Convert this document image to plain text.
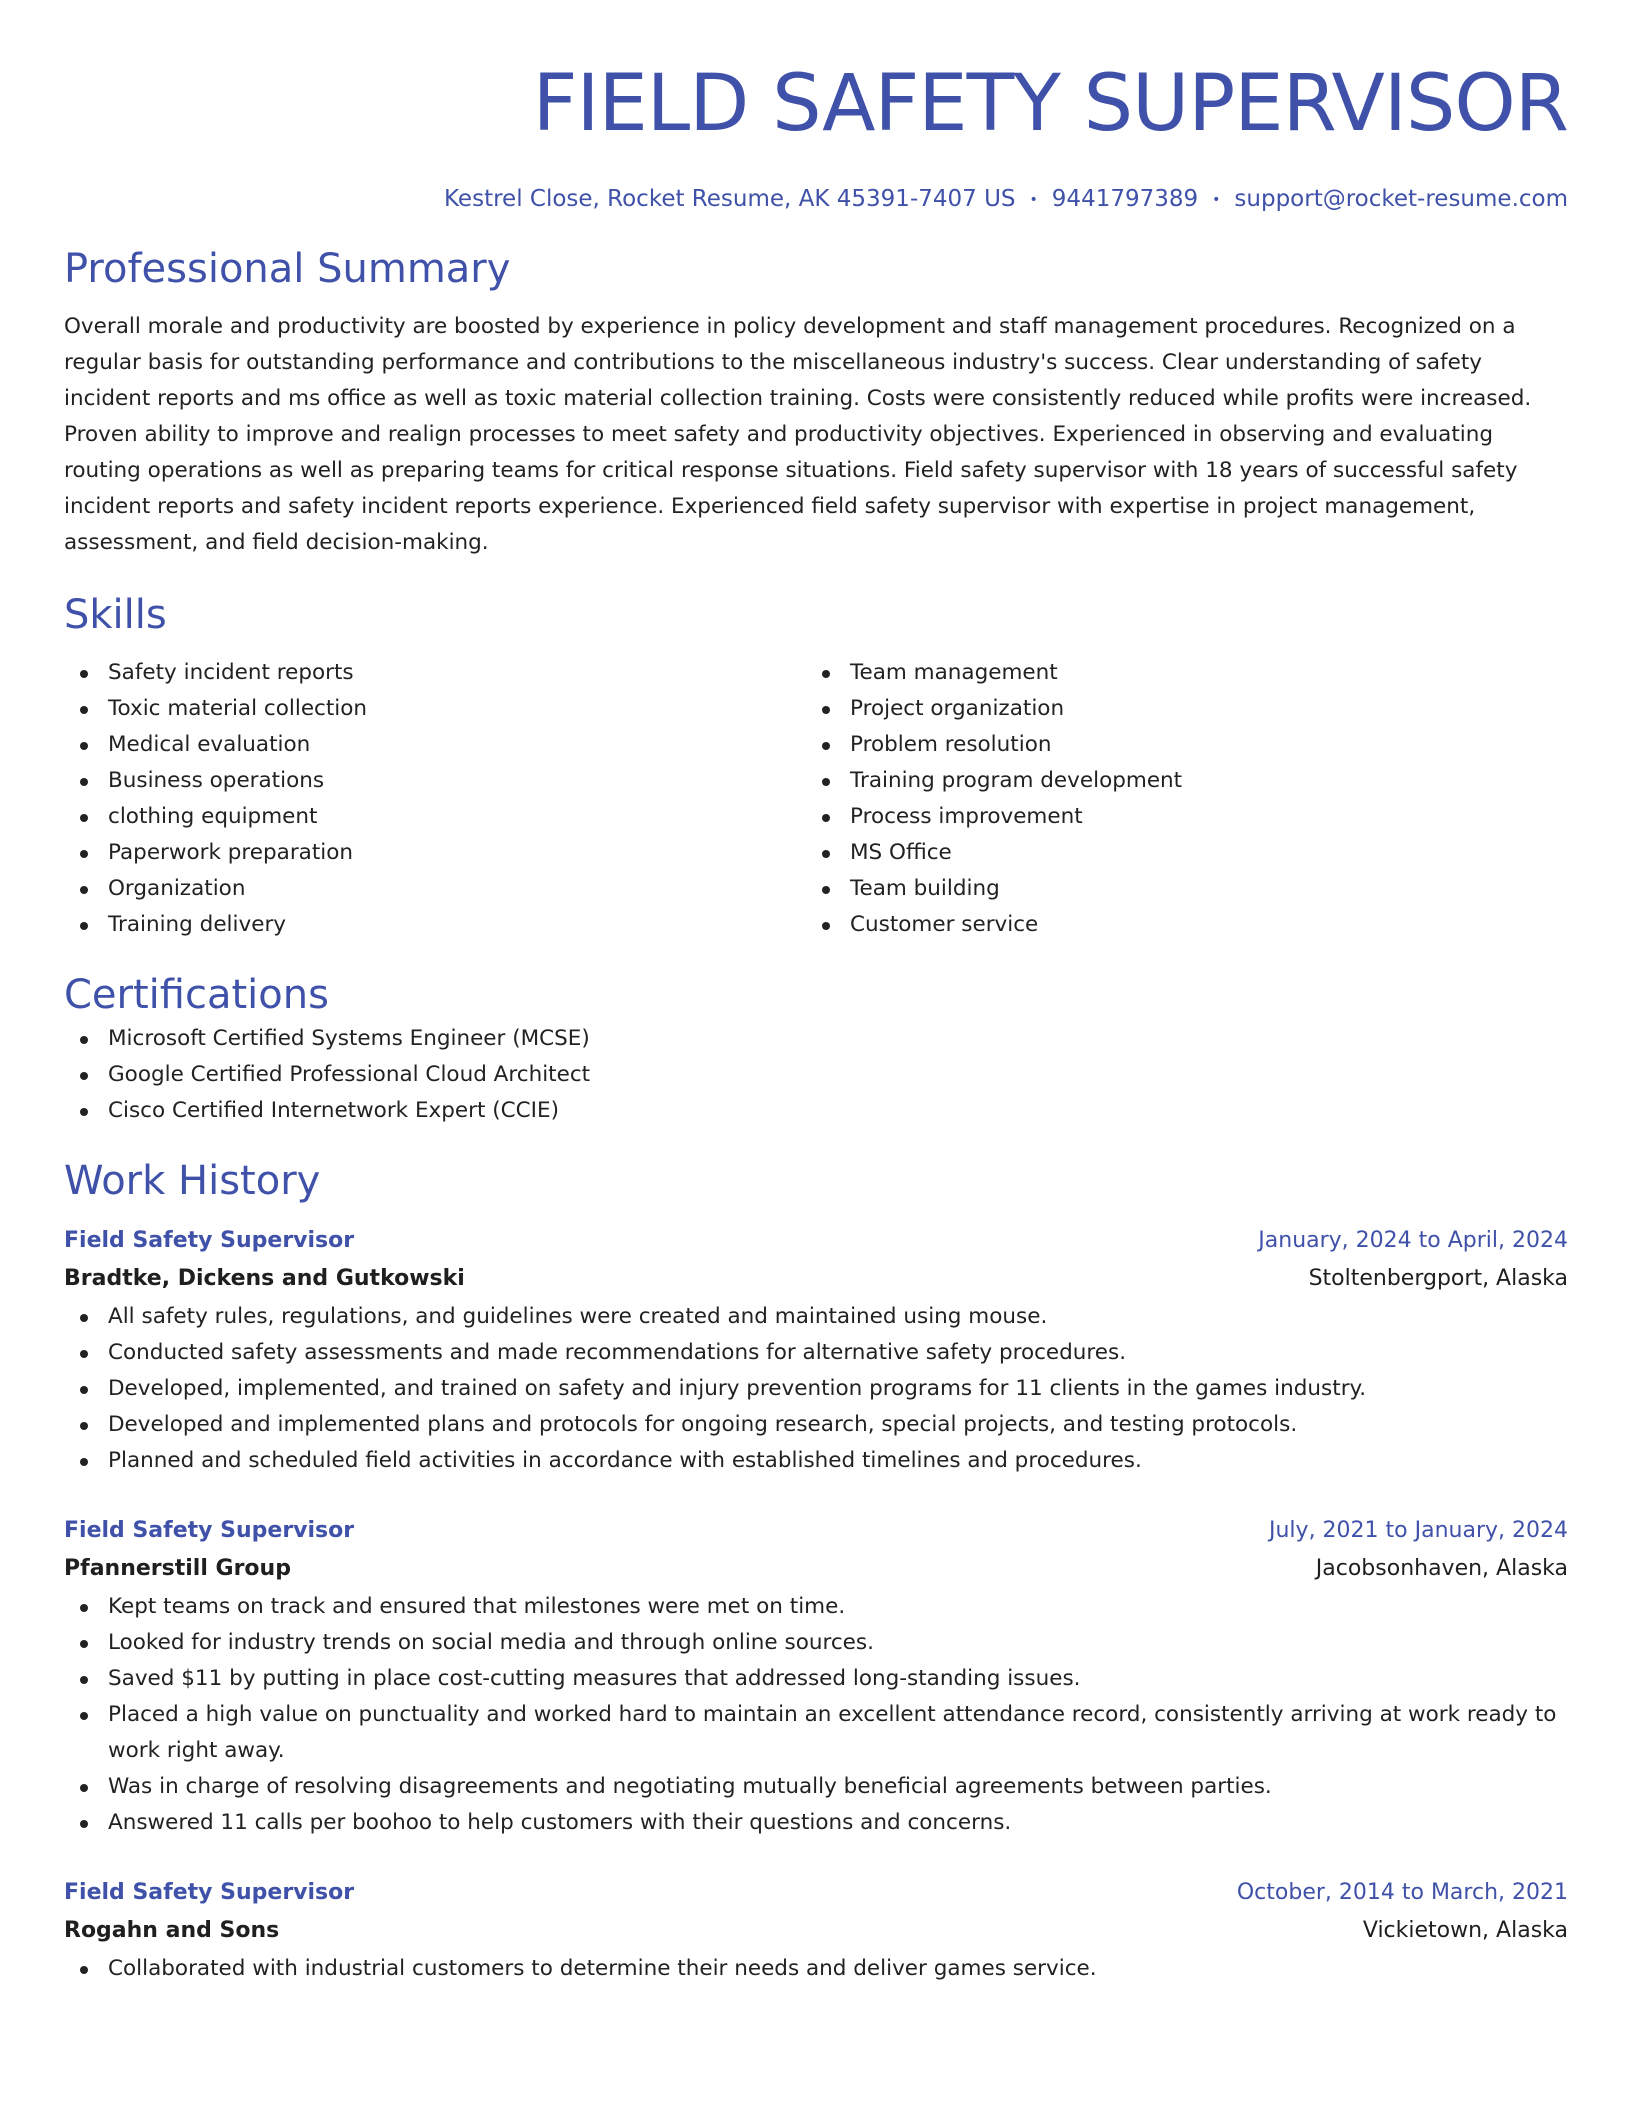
FIELD SAFETY SUPERVISOR
Kestrel Close, Rocket Resume, AK 45391-7407 US • 9441797389 • support@rocket-resume.com
Professional Summary

Overall morale and productivity are boosted by experience in policy development and staff management procedures. Recognized on a regular basis for outstanding performance and contributions to the miscellaneous industry's success. Clear understanding of safety incident reports and ms office as well as toxic material collection training. Costs were consistently reduced while profits were increased. Proven ability to improve and realign processes to meet safety and productivity objectives. Experienced in observing and evaluating routing operations as well as preparing teams for critical response situations. Field safety supervisor with 18 years of successful safety incident reports and safety incident reports experience. Experienced field safety supervisor with expertise in project management, assessment, and field decision-making.

Skills
Safety incident reports
Toxic material collection
Medical evaluation
Business operations
clothing equipment
Paperwork preparation
Organization
Training delivery
Team management
Project organization
Problem resolution
Training program development
Process improvement
MS Office
Team building
Customer service
Certifications
Microsoft Certified Systems Engineer (MCSE)
Google Certified Professional Cloud Architect
Cisco Certified Internetwork Expert (CCIE)
Work History
Field Safety Supervisor	January, 2024 to April, 2024
Bradtke, Dickens and Gutkowski	Stoltenbergport, Alaska
All safety rules, regulations, and guidelines were created and maintained using mouse.
Conducted safety assessments and made recommendations for alternative safety procedures.
Developed, implemented, and trained on safety and injury prevention programs for 11 clients in the games industry.
Developed and implemented plans and protocols for ongoing research, special projects, and testing protocols.
Planned and scheduled field activities in accordance with established timelines and procedures.
Field Safety Supervisor	July, 2021 to January, 2024
Pfannerstill Group	Jacobsonhaven, Alaska
Kept teams on track and ensured that milestones were met on time.
Looked for industry trends on social media and through online sources.
Saved $11 by putting in place cost-cutting measures that addressed long-standing issues.
Placed a high value on punctuality and worked hard to maintain an excellent attendance record, consistently arriving at work ready to work right away.
Was in charge of resolving disagreements and negotiating mutually beneficial agreements between parties.
Answered 11 calls per boohoo to help customers with their questions and concerns.
Field Safety Supervisor	October, 2014 to March, 2021
Rogahn and Sons	Vickietown, Alaska
Collaborated with industrial customers to determine their needs and deliver games service.
